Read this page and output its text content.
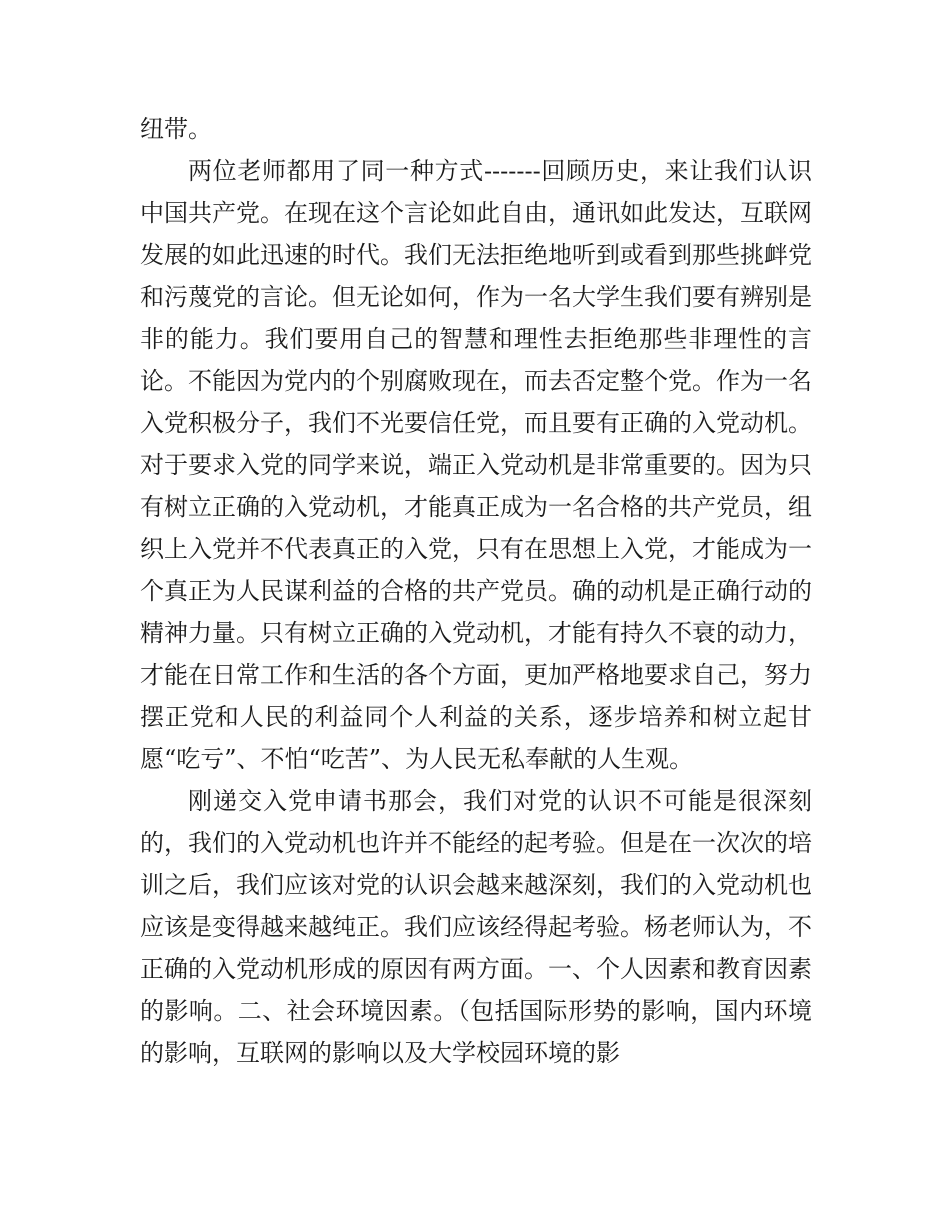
纽带。

两位老师都用了同一种方式-------回顾历史，来让我们认识中国共产党。在现在这个言论如此自由，通讯如此发达，互联网发展的如此迅速的时代。我们无法拒绝地听到或看到那些挑衅党和污蔑党的言论。但无论如何，作为一名大学生我们要有辨别是非的能力。我们要用自己的智慧和理性去拒绝那些非理性的言论。不能因为党内的个别腐败现在，而去否定整个党。作为一名入党积极分子，我们不光要信任党，而且要有正确的入党动机。对于要求入党的同学来说，端正入党动机是非常重要的。因为只有树立正确的入党动机，才能真正成为一名合格的共产党员，组织上入党并不代表真正的入党，只有在思想上入党，才能成为一个真正为人民谋利益的合格的共产党员。确的动机是正确行动的精神力量。只有树立正确的入党动机，才能有持久不衰的动力，才能在日常工作和生活的各个方面，更加严格地要求自己，努力摆正党和人民的利益同个人利益的关系，逐步培养和树立起甘愿“吃亏”、不怕“吃苦”、为人民无私奉献的人生观。

刚递交入党申请书那会，我们对党的认识不可能是很深刻的，我们的入党动机也许并不能经的起考验。但是在一次次的培训之后，我们应该对党的认识会越来越深刻，我们的入党动机也应该是变得越来越纯正。我们应该经得起考验。杨老师认为，不正确的入党动机形成的原因有两方面。一、个人因素和教育因素的影响。二、社会环境因素。（包括国际形势的影响，国内环境的影响，互联网的影响以及大学校园环境的影
